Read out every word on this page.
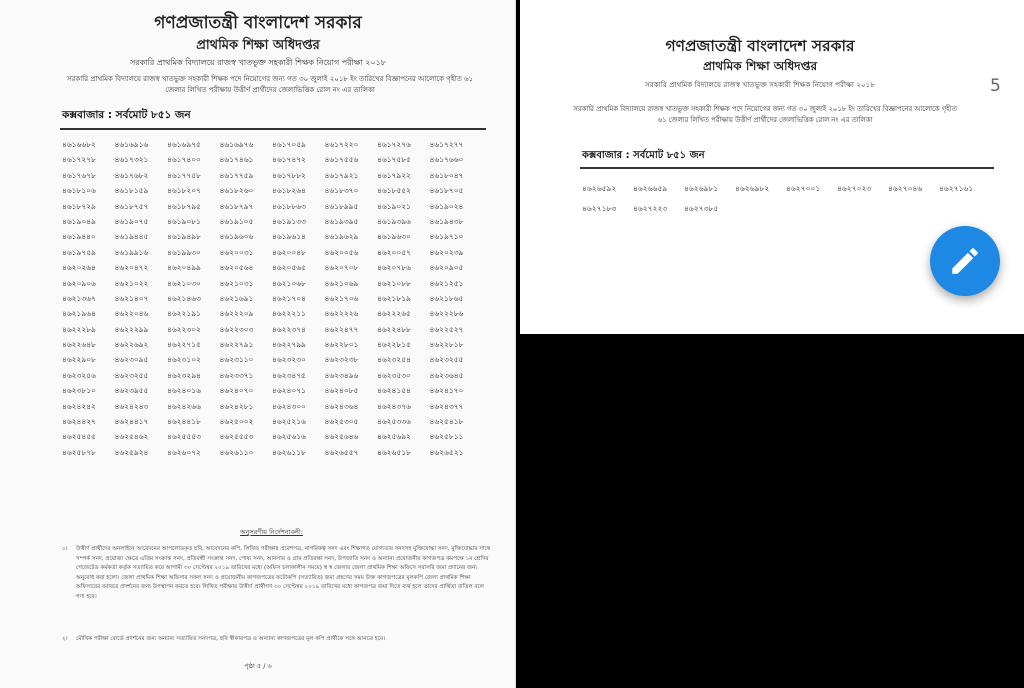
গণপ্রজাতন্ত্রী বাংলাদেশ সরকার
প্রাথমিক শিক্ষা অধিদপ্তর
সরকারি প্রাথমিক বিদ্যালয়ে রাজস্ব খাতভুক্ত সহকারী শিক্ষক নিয়োগ পরীক্ষা ২০১৮
সরকারি প্রাথমিক বিদ্যালয়ে রাজস্ব খাতভুক্ত সহকারী শিক্ষক পদে নিয়োগের জন্য গত ৩০ জুলাই ২০১৮ ইং তারিখের বিজ্ঞাপনের আলোকে গৃহীত ৬১ জেলার লিখিত পরীক্ষায় উত্তীর্ণ প্রার্থীদের জেলাভিত্তিক রোল নং এর তালিকা
কক্সবাজার : সর্বমোট ৮৫১ জন
৪৬১৬৬৮২	৪৬১৬৯১৬	৪৬১৬৯৭৫	৪৬১৬৯৭৬	৪৬১৭০৫৯	৪৬১৭২২০	৪৬১৭২৭৬	৪৬১৭২৭৭
৪৬১৭২৭৮	৪৬১৭৩২১	৪৬১৭৪০০	৪৬১৭৪৬১	৪৬১৭৪৭২	৪৬১৭৫৫৬	৪৬১৭৫৮৫	৪৬১৭৬৬০
৪৬১৭৬৭৮	৪৬১৭৬৮২	৪৬১৭৭৫৮	৪৬১৭৭৫৯	৪৬১৭৮৮২	৪৬১৭৯২১	৪৬১৭৯২২	৪৬১৮০৪৭
৪৬১৮১০৬	৪৬১৮১৫৯	৪৬১৮২০৭	৪৬১৮২৬০	৪৬১৮২৬৪	৪৬১৮৩৭০	৪৬১৮৫৫২	৪৬১৮৭০৫
৪৬১৮৭২৯	৪৬১৮৭৫৭	৪৬১৮৭৯৫	৪৬১৮৭৯৭	৪৬১৮৮৬৩	৪৬১৮৯৯৫	৪৬১৯০২১	৪৬১৯০২৪
৪৬১৯০৪৯	৪৬১৯০৭৫	৪৬১৯০৮১	৪৬১৯১০৫	৪৬১৯১৩৩	৪৬১৯৩৯৫	৪৬১৯৩৯৬	৪৬১৯৪৩৮
৪৬১৯৪৪০	৪৬১৯৪৪৫	৪৬১৯৪৯৮	৪৬১৯৬০৬	৪৬১৯৬১৪	৪৬১৯৬২৯	৪৬১৯৬৩০	৪৬১৯৭১০
৪৬১৯৭৫৯	৪৬১৯৯১৬	৪৬১৯৯৩০	৪৬২০০৩১	৪৬২০০৪৮	৪৬২০০৫৬	৪৬২০০৫৭	৪৬২০২৩৯
৪৬২০২৬৪	৪৬২০৪৭২	৪৬২০৪৯৯	৪৬২০৫৬৪	৪৬২০৫৬৫	৪৬২০৭০৮	৪৬২০৭৮৬	৪৬২০৯০৫
৪৬২০৯০৬	৪৬২১০২২	৪৬২১০৩০	৪৬২১০৩১	৪৬২১০৬৮	৪৬২১০৬৯	৪৬২১০৮৮	৪৬২১২৫১
৪৬২১৩৬৭	৪৬২১৪০৭	৪৬২১৪৬৩	৪৬২১৬৯১	৪৬২১৭০৪	৪৬২১৭০৬	৪৬২১৮১৯	৪৬২১৮৬৫
৪৬২১৯৬৪	৪৬২২০৪৬	৪৬২২১৯১	৪৬২২২০৯	৪৬২২২১১	৪৬২২২২৬	৪৬২২২৬৫	৪৬২২২৮৬
৪৬২২২৮৯	৪৬২২২৯৯	৪৬২২৩০২	৪৬২২৩০৩	৪৬২২৩৭৪	৪৬২২৪৭৭	৪৬২২৪৮৮	৪৬২২৫২৭
৪৬২২৬৪৮	৪৬২২৬৯২	৪৬২২৭১৫	৪৬২২৭৯১	৪৬২২৭৯৯	৪৬২২৮০১	৪৬২২৮১৫	৪৬২২৮১৮
৪৬২২৯০৮	৪৬২৩০৯৫	৪৬২৩১০২	৪৬২৩১১০	৪৬২৩২৩০	৪৬২৩২৩৮	৪৬২৩২৫৪	৪৬২৩২৫৫
৪৬২৩২৫৬	৪৬২৩২৫৫	৪৬২৩২৯৪	৪৬২৩৩৭১	৪৬২৩৪৭৫	৪৬২৩৪৯৬	৪৬২৩৫৩০	৪৬২৩৬৪৫
৪৬২৩৮১০	৪৬২৩৯৫৫	৪৬২৪০১৬	৪৬২৪০৭০	৪৬২৪০৭১	৪৬২৪০৮৫	৪৬২৪১৫৪	৪৬২৪১৭০
৪৬২৪২৪২	৪৬২৪২৪৩	৪৬২৪২৬৬	৪৬২৪২৮১	৪৬২৪৩০০	৪৬২৪৩৬৪	৪৬২৪৩৭৬	৪৬২৪৩৭৭
৪৬২৪৪২৭	৪৬২৪৪১৭	৪৬২৪৪১৮	৪৬২৫০০২	৪৬২৫২১৬	৪৬২৫৩০৫	৪৬২৫৩৩৬	৪৬২৫৪১৮
৪৬২৫৪৫৫	৪৬২৫৪৬২	৪৬২৫৫৫৩	৪৬২৫৫৫৩	৪৬২৫৬১৬	৪৬২৫৬৪৬	৪৬২৫৬৯২	৪৬২৫৮১১
৪৬২৫৮৭৮	৪৬২৫৯২৪	৪৬২৬০৭২	৪৬২৬১১০	৪৬২৬১১৮	৪৬২৬৫৫৭	৪৬২৬৫১৮	৪৬২৬৫২১
অনুসরণীয় নির্দেশনাবলী:
১।	উত্তীর্ণ প্রার্থীদের অনলাইনে আবেদনের আপলোডকৃত ছবি, আবেদনের কপি, লিখিত পরীক্ষার প্রবেশপত্র, নাগরিকত্ব সনদ এবং শিক্ষাগত যোগ্যতার সনদসহ মুক্তিযোদ্ধা সনদ, মুক্তিযোদ্ধার সাথে সম্পর্ক সনদ, প্রযোজ্য ক্ষেত্রে এতিম সংক্রান্ত সনদ, প্রতিবন্ধী সংক্রান্ত সনদ, পোষ্য সনদ, আনসার ও গ্রাম প্রতিরক্ষা সনদ, উপজাতি সনদ ও অন্যান্য প্রয়োজনীয় কাগজপত্র কমপক্ষে ১ম শ্রেণির গেজেটেড কর্মকর্তা কর্তৃক সত্যায়িত করে আগামী ৩০ সেপ্টেম্বর ২০১৯ তারিখের মধ্যে (অফিস চলাকালীন সময়ে) স্ব স্ব জেলার জেলা প্রাথমিক শিক্ষা অফিসে সরাসরি জমা প্রদানের জন্য অনুরোধ করা হলো। জেলা প্রাথমিক শিক্ষা অফিসার সকল সনদ ও প্রয়োজনীয় কাগজপত্রের ফটোকপি (সত্যায়িত) জমা গ্রহণের সময় উক্ত কাগজপত্রের মূলকপি জেলা প্রাথমিক শিক্ষা অফিসারের বরাবরে প্রদর্শনের জন্য উপস্থাপন করতে হবে। লিখিত পরীক্ষায় উত্তীর্ণ প্রার্থীগণ ৩০ সেপ্টেম্বর ২০১৯ তারিখের মধ্যে কাগজপত্র জমা দিতে ব্যর্থ হলে তাদের প্রার্থিতা বাতিল বলে গণ্য হবে।
২।	মৌখিক পরীক্ষা বোর্ডে প্রদর্শনের জন্য অন্যান্য সত্যায়িত সনদপত্র, ছবি স্বীকারপত্র ও অন্যান্য কাগজপত্রের মূল কপি প্রার্থীকে সঙ্গে আনতে হবে।
পৃষ্ঠা ৫ / ৬
গণপ্রজাতন্ত্রী বাংলাদেশ সরকার
প্রাথমিক শিক্ষা অধিদপ্তর
সরকারি প্রাথমিক বিদ্যালয়ে রাজস্ব খাতভুক্ত সহকারী শিক্ষক নিয়োগ পরীক্ষা ২০১৮
সরকারি প্রাথমিক বিদ্যালয়ে রাজস্ব খাতভুক্ত সহকারী শিক্ষক পদে নিয়োগের জন্য গত ৩০ জুলাই ২০১৮ ইং তারিখের বিজ্ঞাপনের আলোকে গৃহীত ৬১ জেলার লিখিত পরীক্ষায় উত্তীর্ণ প্রার্থীদের জেলাভিত্তিক রোল নং এর তালিকা
কক্সবাজার : সর্বমোট ৮৫১ জন
৪৬২৬৫৯২	৪৬২৬৬৫৯	৪৬২৬৯৮১	৪৬২৬৯৮২	৪৬২৭০০১	৪৬২৭০২৩	৪৬২৭০৪৬	৪৬২৭১৬১
৪৬২৭১৮৩	৪৬২৭২২৩	৪৬২৭৩৮৫
5
